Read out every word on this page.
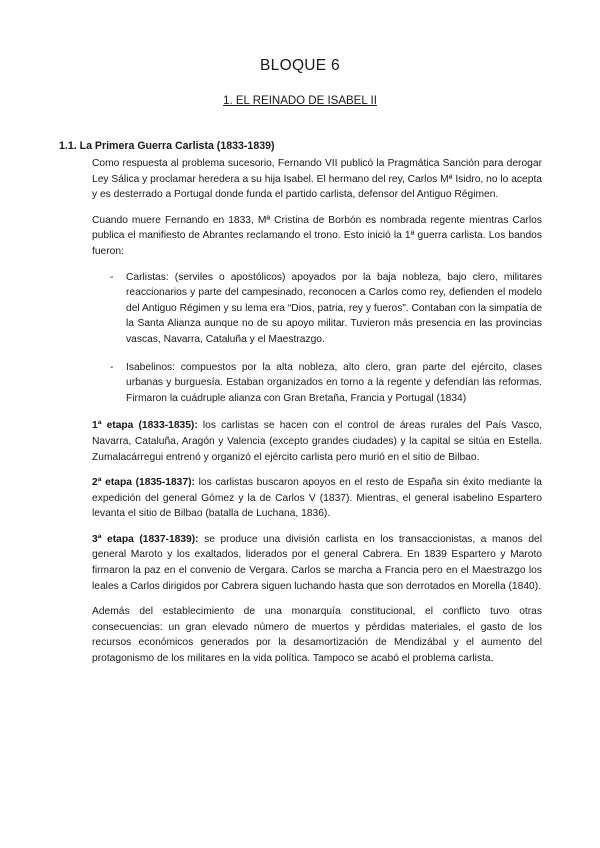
BLOQUE 6
1. EL REINADO DE ISABEL II
1.1. La Primera Guerra Carlista (1833-1839)

Como respuesta al problema sucesorio, Fernando VII publicó la Pragmática Sanción para derogar Ley Sálica y proclamar heredera a su hija Isabel. El hermano del rey, Carlos Mª Isidro, no lo acepta y es desterrado a Portugal donde funda el partido carlista, defensor del Antiguo Régimen.

Cuando muere Fernando en 1833, Mª Cristina de Borbón es nombrada regente mientras Carlos publica el manifiesto de Abrantes reclamando el trono. Esto inició la 1ª guerra carlista. Los bandos fueron:

- Carlistas: (serviles o apostólicos) apoyados por la baja nobleza, bajo clero, militares reaccionarios y parte del campesinado, reconocen a Carlos como rey, defienden el modelo del Antiguo Régimen y su lema era “Dios, patria, rey y fueros”. Contaban con la simpatía de la Santa Alianza aunque no de su apoyo militar. Tuvieron más presencia en las provincias vascas, Navarra, Cataluña y el Maestrazgo.
- Isabelinos: compuestos por la alta nobleza, alto clero, gran parte del ejército, clases urbanas y burguesía. Estaban organizados en torno a la regente y defendían las reformas. Firmaron la cuádruple alianza con Gran Bretaña, Francia y Portugal (1834)

1ª etapa (1833-1835): los carlistas se hacen con el control de áreas rurales del País Vasco, Navarra, Cataluña, Aragón y Valencia (excepto grandes ciudades) y la capital se sitúa en Estella. Zumalacárregui entrenó y organizó el ejército carlista pero murió en el sitio de Bilbao.

2ª etapa (1835-1837): los carlistas buscaron apoyos en el resto de España sin éxito mediante la expedición del general Gómez y la de Carlos V (1837). Mientras, el general isabelino Espartero levanta el sitio de Bilbao (batalla de Luchana, 1836).

3ª etapa (1837-1839): se produce una división carlista en los transaccionistas, a manos del general Maroto y los exaltados, liderados por el general Cabrera. En 1839 Espartero y Maroto firmaron la paz en el convenio de Vergara. Carlos se marcha a Francia pero en el Maestrazgo los leales a Carlos dirigidos por Cabrera siguen luchando hasta que son derrotados en Morella (1840).

Además del establecimiento de una monarquía constitucional, el conflicto tuvo otras consecuencias: un gran elevado número de muertos y pérdidas materiales, el gasto de los recursos económicos generados por la desamortización de Mendizábal y el aumento del protagonismo de los militares en la vida política. Tampoco se acabó el problema carlista.
